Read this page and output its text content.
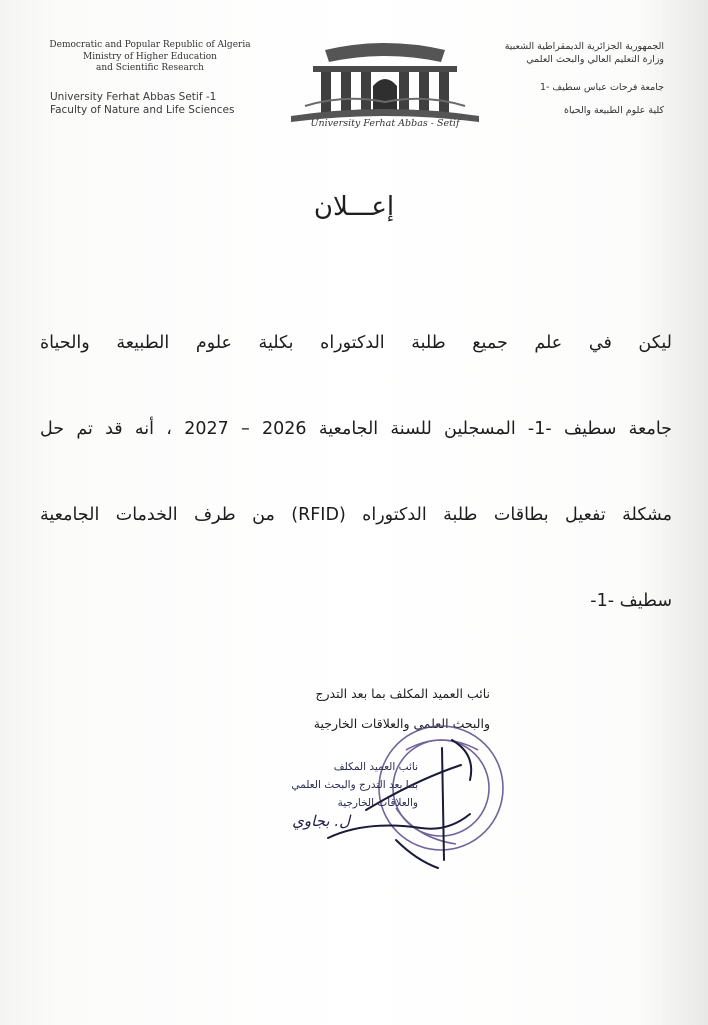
Democratic and Popular Republic of Algeria
Ministry of Higher Education
and Scientific Research
University Ferhat Abbas Setif -1
Faculty of Nature and Life Sciences
University Ferhat Abbas - Setif
الجمهورية الجزائرية الديمقراطية الشعبية
وزارة التعليم العالي والبحث العلمي
جامعة فرحات عباس سطيف -1
كلية علوم الطبيعة والحياة
إعـــلان
ليكن في علم جميع طلبة الدكتوراه بكلية علوم الطبيعة والحياة
جامعة سطيف -1- المسجلين للسنة الجامعية 2026 – 2027 ، أنه قد تم حل
مشكلة تفعيل بطاقات طلبة الدكتوراه (RFID) من طرف الخدمات الجامعية
سطيف -1-
نائب العميد المكلف بما بعد التدرج
والبحث العلمي والعلاقات الخارجية
نائب العميد المكلف
بما بعد التدرج والبحث العلمي
والعلاقات الخارجية
ل. بجاوي
